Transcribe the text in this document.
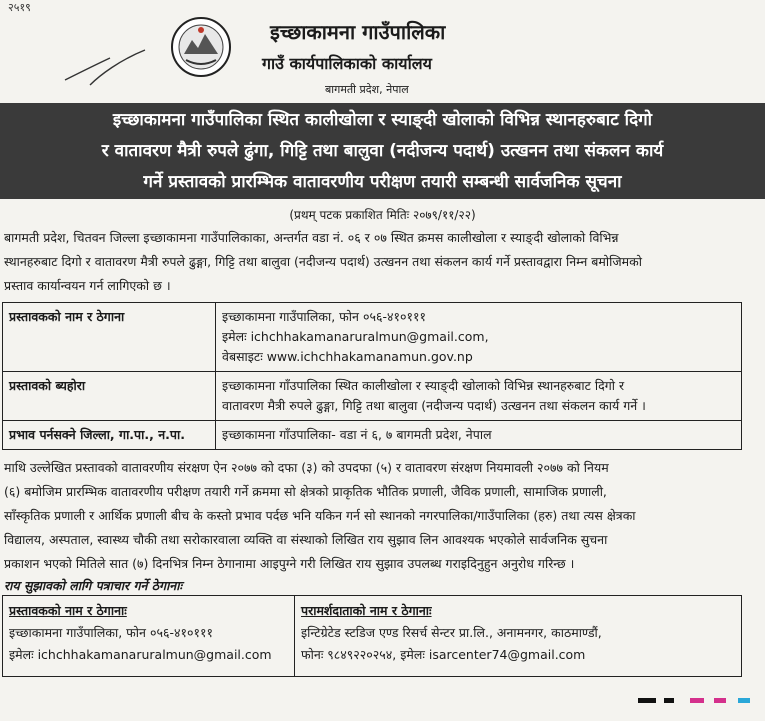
२५१९
इच्छाकामना गाउँपालिका
गाउँ कार्यपालिकाको कार्यालय
बागमती प्रदेश, नेपाल
इच्छाकामना गाउँपालिका स्थित कालीखोला र स्याङ्दी खोलाको विभिन्न स्थानहरुबाट दिगो
र वातावरण मैत्री रुपले ढुंगा, गिट्टि तथा बालुवा (नदीजन्य पदार्थ) उत्खनन तथा संकलन कार्य
गर्ने प्रस्तावको प्रारम्भिक वातावरणीय परीक्षण तयारी सम्बन्धी सार्वजनिक सूचना
(प्रथम् पटक प्रकाशित मितिः २०७९/११/२२)
बागमती प्रदेश, चितवन जिल्ला इच्छाकामना गाउँपालिकाका, अन्तर्गत वडा नं. ०६ र ०७ स्थित क्रमस कालीखोला र स्याङ्दी खोलाको विभिन्न
स्थानहरुबाट दिगो र वातावरण मैत्री रुपले ढुङ्गा, गिट्टि तथा बालुवा (नदीजन्य पदार्थ) उत्खनन तथा संकलन कार्य गर्ने प्रस्तावद्वारा निम्न बमोजिमको
प्रस्ताव कार्यान्वयन गर्न लागिएको छ ।
प्रस्तावकको नाम र ठेगाना	इच्छाकामना गाउँपालिका, फोन ०५६-४१०१११
इमेलः ichchhakamanaruralmun@gmail.com,
वेबसाइटः www.ichchhakamanamun.gov.np

प्रस्तावको ब्यहोरा	इच्छाकामना गाँउपालिका स्थित कालीखोला र स्याङ्दी खोलाको विभिन्न स्थानहरुबाट दिगो र
वातावरण मैत्री रुपले ढुङ्गा, गिट्टि तथा बालुवा (नदीजन्य पदार्थ) उत्खनन तथा संकलन कार्य गर्ने ।

प्रभाव पर्नसक्ने जिल्ला, गा.पा., न.पा.	इच्छाकामना गाँउपालिका- वडा नं ६, ७ बागमती प्रदेश, नेपाल
माथि उल्लेखित प्रस्तावको वातावरणीय संरक्षण ऐन २०७७ को दफा (३) को उपदफा (५) र वातावरण संरक्षण नियमावली २०७७ को नियम
(६) बमोजिम प्रारम्भिक वातावरणीय परीक्षण तयारी गर्ने क्रममा सो क्षेत्रको प्राकृतिक भौतिक प्रणाली, जैविक प्रणाली, सामाजिक प्रणाली,
साँस्कृतिक प्रणाली र आर्थिक प्रणाली बीच के कस्तो प्रभाव पर्दछ भनि यकिन गर्न सो स्थानको नगरपालिका/गाउँपालिका (हरु) तथा त्यस क्षेत्रका
विद्यालय, अस्पताल, स्वास्थ्य चौकी तथा सरोकारवाला व्यक्ति वा संस्थाको लिखित राय सुझाव लिन आवश्यक भएकोले सार्वजनिक सुचना
प्रकाशन भएको मितिले सात (७) दिनभित्र निम्न ठेगानामा आइपुग्ने गरी लिखित राय सुझाव उपलब्ध गराइदिनुहुन अनुरोध गरिन्छ ।
राय सुझावको लागि पत्राचार गर्ने ठेगानाः
प्रस्तावकको नाम र ठेगानाः
इच्छाकामना गाउँपालिका, फोन ०५६-४१०१११
इमेलः ichchhakamanaruralmun@gmail.com
परामर्शदाताको नाम र ठेगानाः
इन्टिग्रेटेड स्टडिज एण्ड रिसर्च सेन्टर प्रा.लि., अनामनगर, काठमाण्डौं,
फोनः ९८४९२२०२५४, इमेलः isarcenter74@gmail.com
